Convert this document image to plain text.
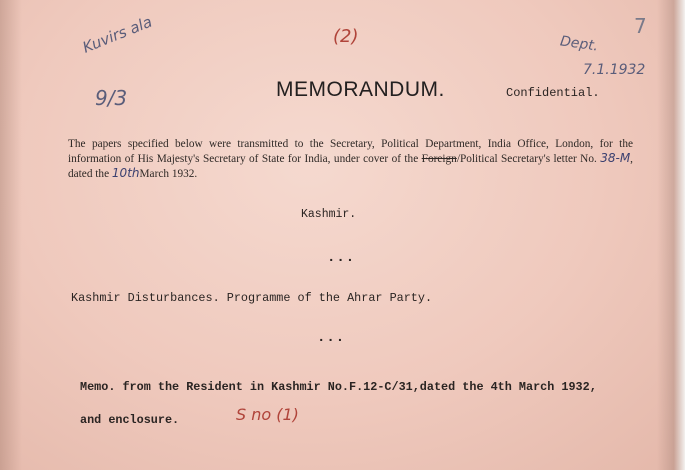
(2)
Kuvirs ala
9/3
Dept.
7.1.1932
7
MEMORANDUM.	Confidential.
The papers specified below were transmitted to the Secretary, Political Department, India Office, London, for the information of His Majesty's Secretary of State for India, under cover of the Foreign/Political Secretary's letter No. 38-M, dated the 10thMarch 1932.
Kashmir.
...
Kashmir Disturbances. Programme of the Ahrar Party.
...
Memo. from the Resident in Kashmir No.F.12-C/31,dated the 4th March 1932,
and enclosure.	S no (1)
